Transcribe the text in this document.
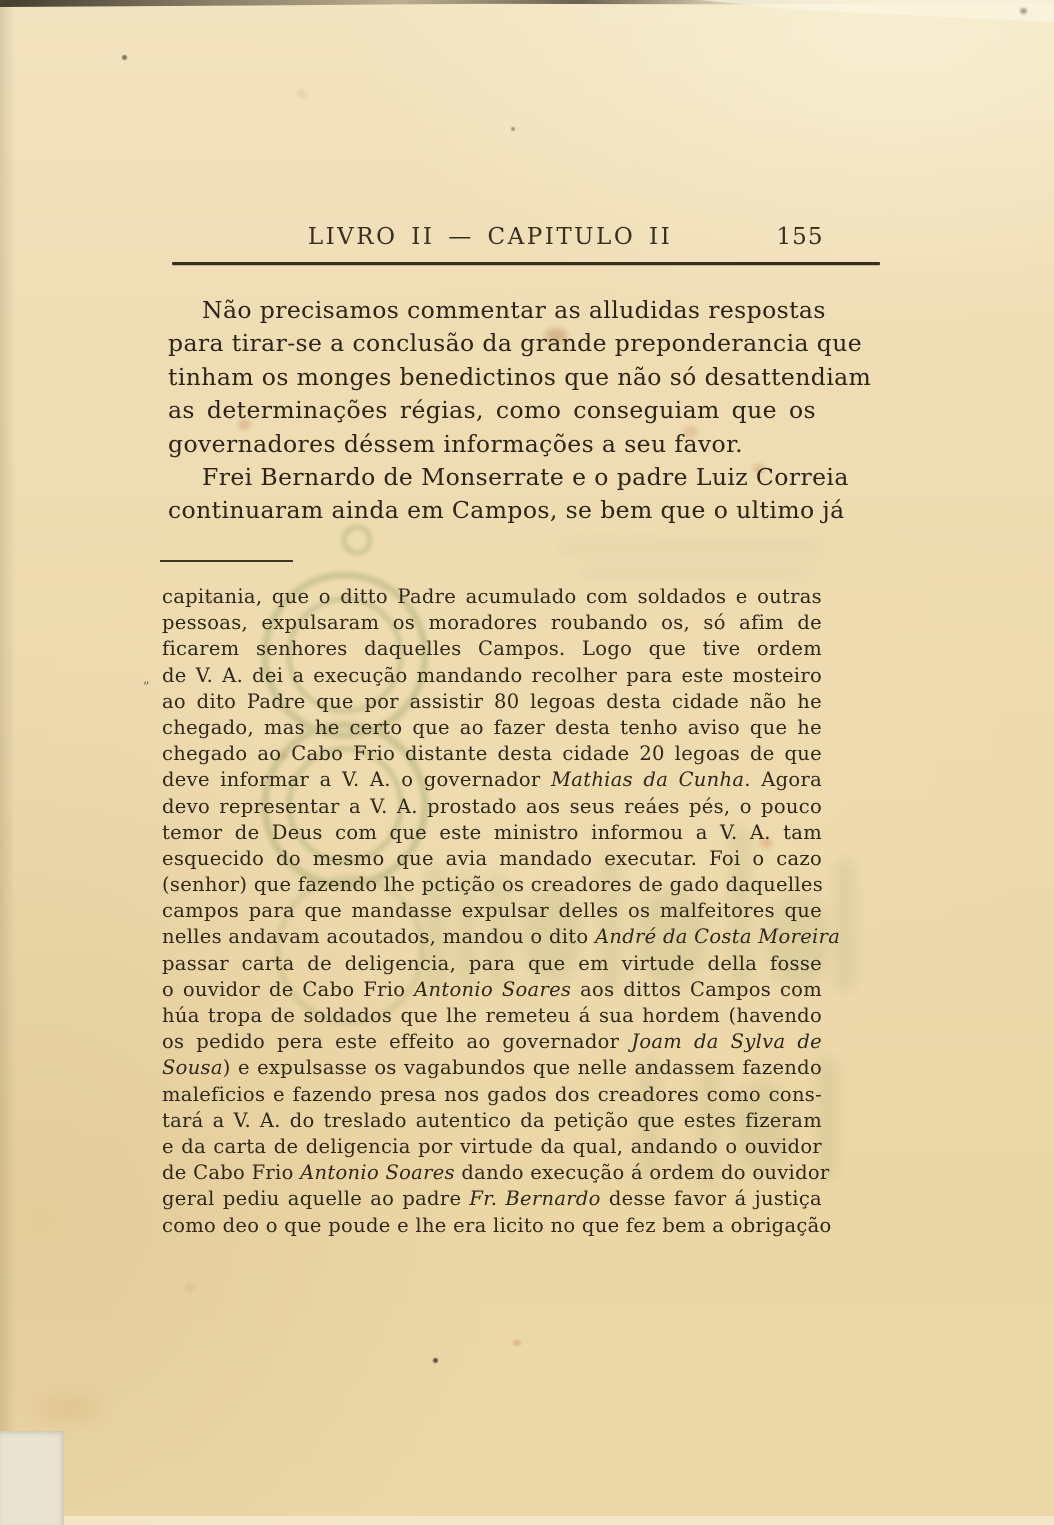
LIVRO II — CAPITULO II	155
Não precisamos commentar as alludidas respostas
para tirar-se a conclusão da grande preponderancia que
tinham os monges benedictinos que não só desattendiam
as determinações régias, como conseguiam que os
governadores déssem informações a seu favor.
Frei Bernardo de Monserrate e o padre Luiz Correia
continuaram ainda em Campos, se bem que o ultimo já
capitania, que o ditto Padre acumulado com soldados e outras
pessoas, expulsaram os moradores roubando os, só afim de
ficarem senhores daquelles Campos. Logo que tive ordem
„ de V. A. dei a execução mandando recolher para este mosteiro
ao dito Padre que por assistir 80 legoas desta cidade não he
chegado, mas he certo que ao fazer desta tenho aviso que he
chegado ao Cabo Frio distante desta cidade 20 legoas de que
deve informar a V. A. o governador Mathias da Cunha. Agora
devo representar a V. A. prostado aos seus reáes pés, o pouco
temor de Deus com que este ministro informou a V. A. tam
esquecido do mesmo que avia mandado executar. Foi o cazo
(senhor) que fazendo lhe pctição os creadores de gado daquelles
campos para que mandasse expulsar delles os malfeitores que
nelles andavam acoutados, mandou o dito André da Costa Moreira
passar carta de deligencia, para que em virtude della fosse
o ouvidor de Cabo Frio Antonio Soares aos dittos Campos com
húa tropa de soldados que lhe remeteu á sua hordem (havendo
os pedido pera este effeito ao governador Joam da Sylva de
Sousa) e expulsasse os vagabundos que nelle andassem fazendo
maleficios e fazendo presa nos gados dos creadores como cons-
tará a V. A. do treslado autentico da petição que estes fizeram
e da carta de deligencia por virtude da qual, andando o ouvidor
de Cabo Frio Antonio Soares dando execução á ordem do ouvidor
geral pediu aquelle ao padre Fr. Bernardo desse favor á justiça
como deo o que poude e lhe era licito no que fez bem a obrigação
